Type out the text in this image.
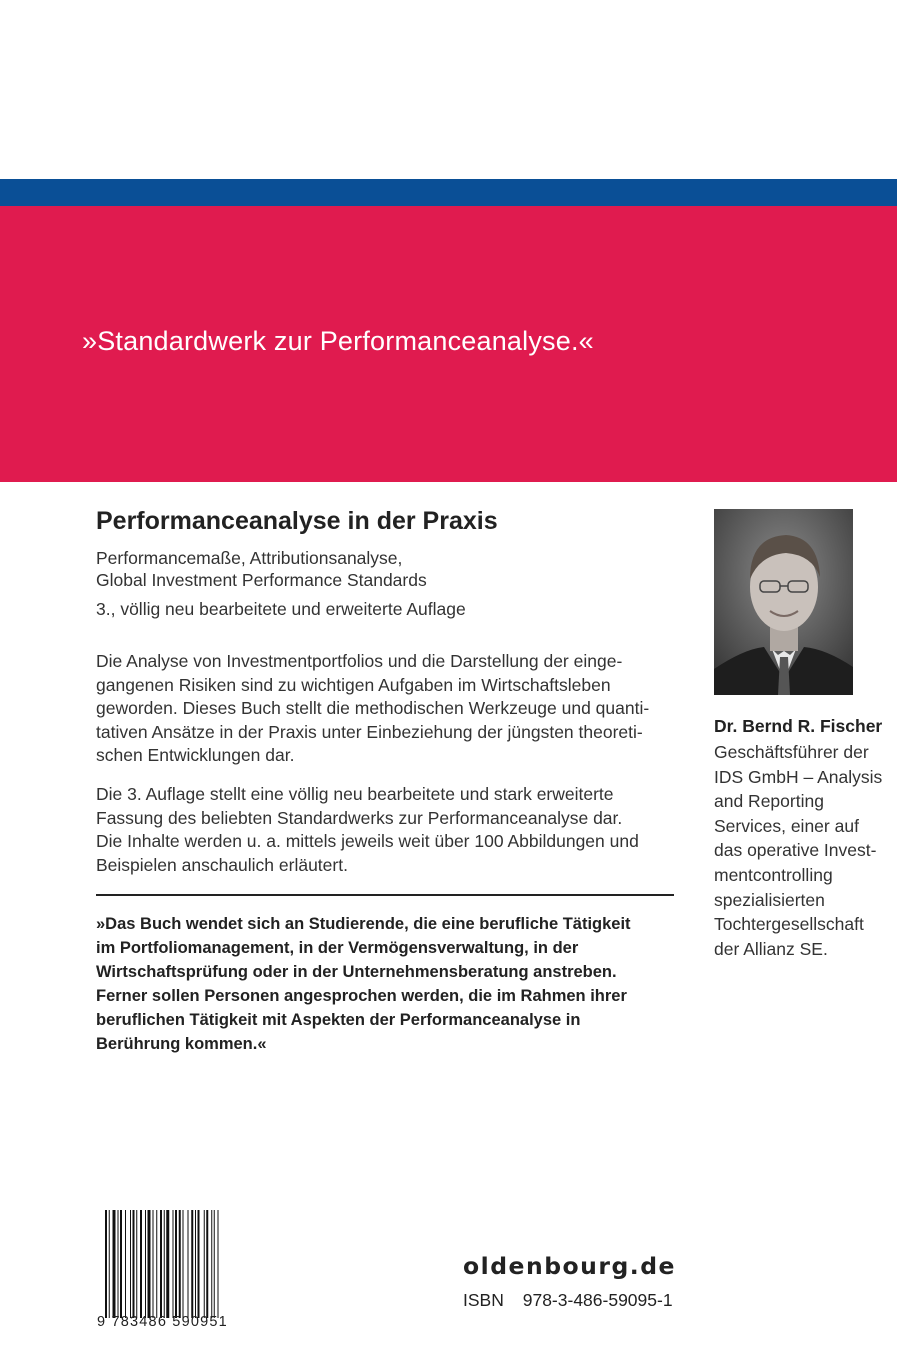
»Standardwerk zur Performanceanalyse.«
Performanceanalyse in der Praxis
Performancemaße, Attributionsanalyse,
Global Investment Performance Standards
3., völlig neu bearbeitete und erweiterte Auflage
Die Analyse von Investmentportfolios und die Darstellung der einge-
gangenen Risiken sind zu wichtigen Aufgaben im Wirtschaftsleben
geworden. Dieses Buch stellt die methodischen Werkzeuge und quanti-
tativen Ansätze in der Praxis unter Einbeziehung der jüngsten theoreti-
schen Entwicklungen dar.
Die 3. Auflage stellt eine völlig neu bearbeitete und stark erweiterte
Fassung des beliebten Standardwerks zur Performanceanalyse dar.
Die Inhalte werden u. a. mittels jeweils weit über 100 Abbildungen und
Beispielen anschaulich erläutert.
»Das Buch wendet sich an Studierende, die eine berufliche Tätigkeit
im Portfoliomanagement, in der Vermögensverwaltung, in der
Wirtschaftsprüfung oder in der Unternehmensberatung anstreben.
Ferner sollen Personen angesprochen werden, die im Rahmen ihrer
beruflichen Tätigkeit mit Aspekten der Performanceanalyse in
Berührung kommen.«
Dr. Bernd R. Fischer
Geschäftsführer der
IDS GmbH – Analysis
and Reporting
Services, einer auf
das operative Invest-
mentcontrolling
spezialisierten
Tochtergesellschaft
der Allianz SE.
9 783486 590951
oldenbourg.de
ISBN 978-3-486-59095-1
